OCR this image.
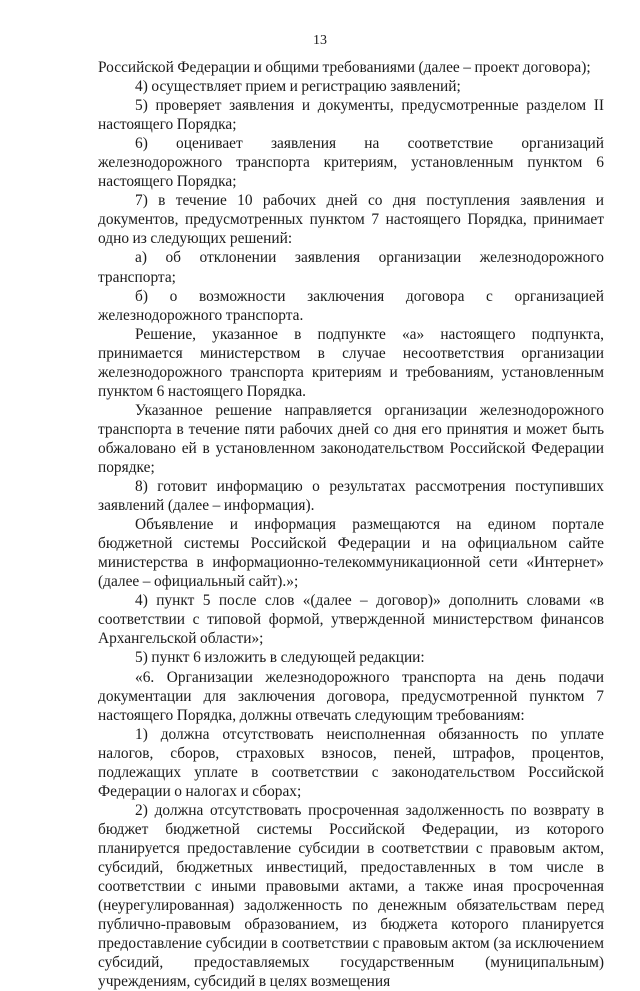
13

Российской Федерации и общими требованиями (далее – проект договора);

4) осуществляет прием и регистрацию заявлений;

5) проверяет заявления и документы, предусмотренные разделом II настоящего Порядка;

6) оценивает заявления на соответствие организаций железнодорожного транспорта критериям, установленным пунктом 6 настоящего Порядка;

7) в течение 10 рабочих дней со дня поступления заявления и документов, предусмотренных пунктом 7 настоящего Порядка, принимает одно из следующих решений:

а) об отклонении заявления организации железнодорожного транспорта;

б) о возможности заключения договора с организацией железнодорожного транспорта.

Решение, указанное в подпункте «а» настоящего подпункта, принимается министерством в случае несоответствия организации железнодорожного транспорта критериям и требованиям, установленным пунктом 6 настоящего Порядка.

Указанное решение направляется организации железнодорожного транспорта в течение пяти рабочих дней со дня его принятия и может быть обжаловано ей в установленном законодательством Российской Федерации порядке;

8) готовит информацию о результатах рассмотрения поступивших заявлений (далее – информация).

Объявление и информация размещаются на едином портале бюджетной системы Российской Федерации и на официальном сайте министерства в информационно-телекоммуникационной сети «Интернет» (далее – официальный сайт).»;

4) пункт 5 после слов «(далее – договор)» дополнить словами «в соответствии с типовой формой, утвержденной министерством финансов Архангельской области»;

5) пункт 6 изложить в следующей редакции:

«6. Организации железнодорожного транспорта на день подачи документации для заключения договора, предусмотренной пунктом 7 настоящего Порядка, должны отвечать следующим требованиям:

1) должна отсутствовать неисполненная обязанность по уплате налогов, сборов, страховых взносов, пеней, штрафов, процентов, подлежащих уплате в соответствии с законодательством Российской Федерации о налогах и сборах;

2) должна отсутствовать просроченная задолженность по возврату в бюджет бюджетной системы Российской Федерации, из которого планируется предоставление субсидии в соответствии с правовым актом, субсидий, бюджетных инвестиций, предоставленных в том числе в соответствии с иными правовыми актами, а также иная просроченная (неурегулированная) задолженность по денежным обязательствам перед публично-правовым образованием, из бюджета которого планируется предоставление субсидии в соответствии с правовым актом (за исключением субсидий, предоставляемых государственным (муниципальным) учреждениям, субсидий в целях возмещения
